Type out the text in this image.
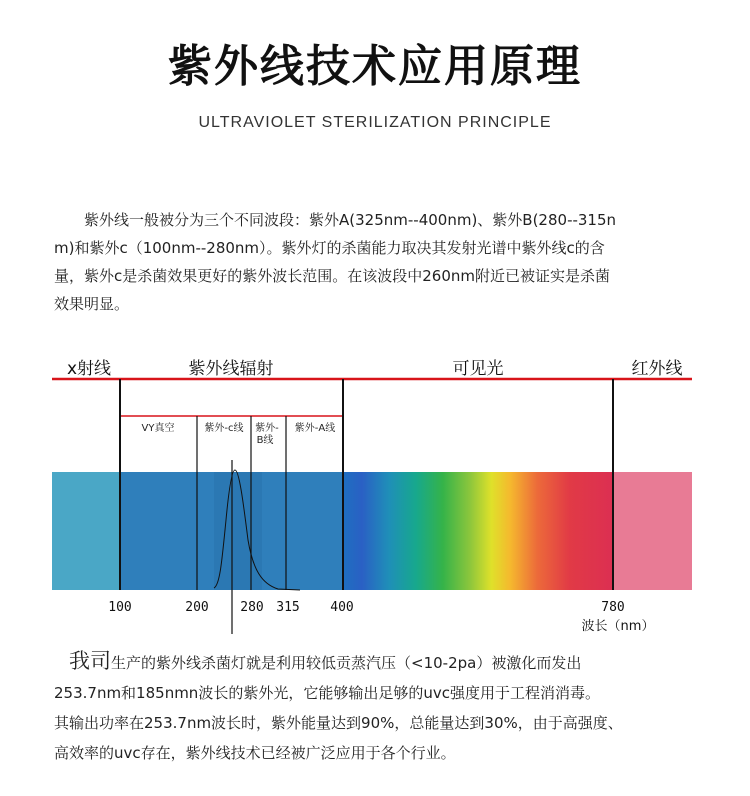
紫外线技术应用原理
ULTRAVIOLET STERILIZATION PRINCIPLE

　　紫外线一般被分为三个不同波段：紫外A(325nm--400nm)、紫外B(280--315n

m)和紫外c（100nm--280nm）。紫外灯的杀菌能力取决其发射光谱中紫外线c的含

量，紫外c是杀菌效果更好的紫外波长范围。在该波段中260nm附近已被证实是杀菌

效果明显。

x射线	紫外线辐射	可见光	红外线
VY真空	紫外-c线 紫外-
B线
紫外-A线
100	200 280 315 400	780
波长（nm）

　我司生产的紫外线杀菌灯就是利用较低贡蒸汽压（<10-2pa）被激化而发出

253.7nm和185nmn波长的紫外光，它能够输出足够的uvc强度用于工程消消毒。

其输出功率在253.7nm波长时，紫外能量达到90%，总能量达到30%，由于高强度、

高效率的uvc存在，紫外线技术已经被广泛应用于各个行业。
